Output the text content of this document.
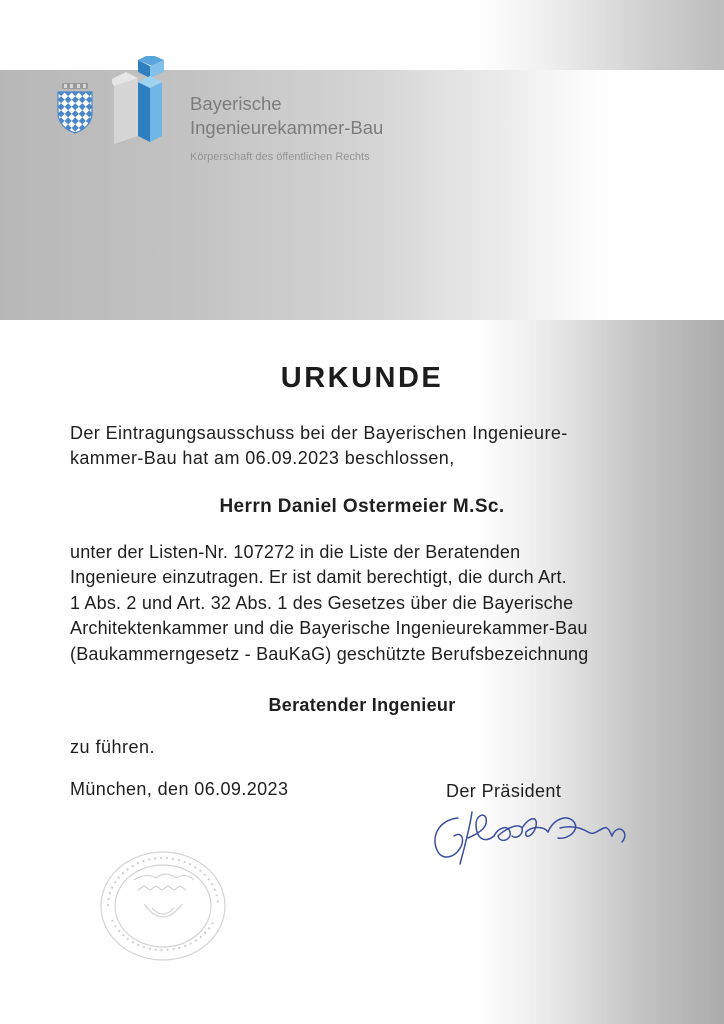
Bayerische
Ingenieurekammer-Bau
Körperschaft des öffentlichen Rechts
URKUNDE
Der Eintragungsausschuss bei der Bayerischen Ingenieure-
kammer-Bau hat am 06.09.2023 beschlossen,
Herrn Daniel Ostermeier M.Sc.
unter der Listen-Nr. 107272 in die Liste der Beratenden
Ingenieure einzutragen. Er ist damit berechtigt, die durch Art.
1 Abs. 2 und Art. 32 Abs. 1 des Gesetzes über die Bayerische
Architektenkammer und die Bayerische Ingenieurekammer-Bau
(Baukammerngesetz - BauKaG) geschützte Berufsbezeichnung
Beratender Ingenieur
zu führen.
München, den 06.09.2023	Der Präsident
